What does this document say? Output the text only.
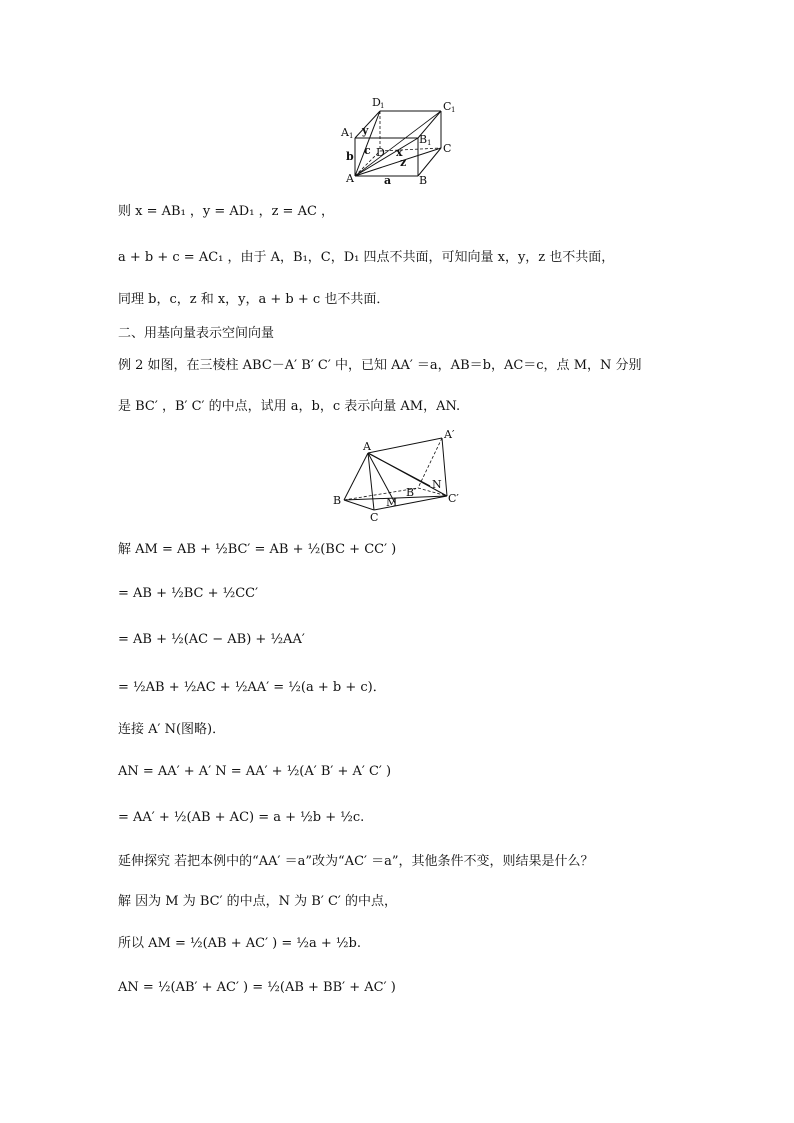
D 1	C 1
A 1	B 1 C
A	B
D
a
b c x
y
z
A
A′
B
B′
C
C′
M
N
则 x = AB₁ ，y = AD₁ ，z = AC ，
a + b + c = AC₁ ，由于 A，B₁，C，D₁ 四点不共面，可知向量 x，y，z 也不共面，
同理 b，c，z 和 x，y，a + b + c 也不共面．
二、用基向量表示空间向量
例 2 如图，在三棱柱 ABC－A′ B′ C′ 中，已知 AA′ ＝a，AB＝b，AC＝c，点 M，N 分别
是 BC′ ，B′ C′ 的中点，试用 a，b，c 表示向量 AM，AN.
解 AM = AB + ½BC′ = AB + ½(BC + CC′ )
= AB + ½BC + ½CC′
= AB + ½(AC − AB) + ½AA′
= ½AB + ½AC + ½AA′ = ½(a + b + c)．
连接 A′ N(图略)．
AN = AA′ + A′ N = AA′ + ½(A′ B′ + A′ C′ )
= AA′ + ½(AB + AC) = a + ½b + ½c.
延伸探究 若把本例中的“AA′ ＝a”改为“AC′ ＝a”，其他条件不变，则结果是什么？
解 因为 M 为 BC′ 的中点，N 为 B′ C′ 的中点，
所以 AM = ½(AB + AC′ ) = ½a + ½b.
AN = ½(AB′ + AC′ ) = ½(AB + BB′ + AC′ )
